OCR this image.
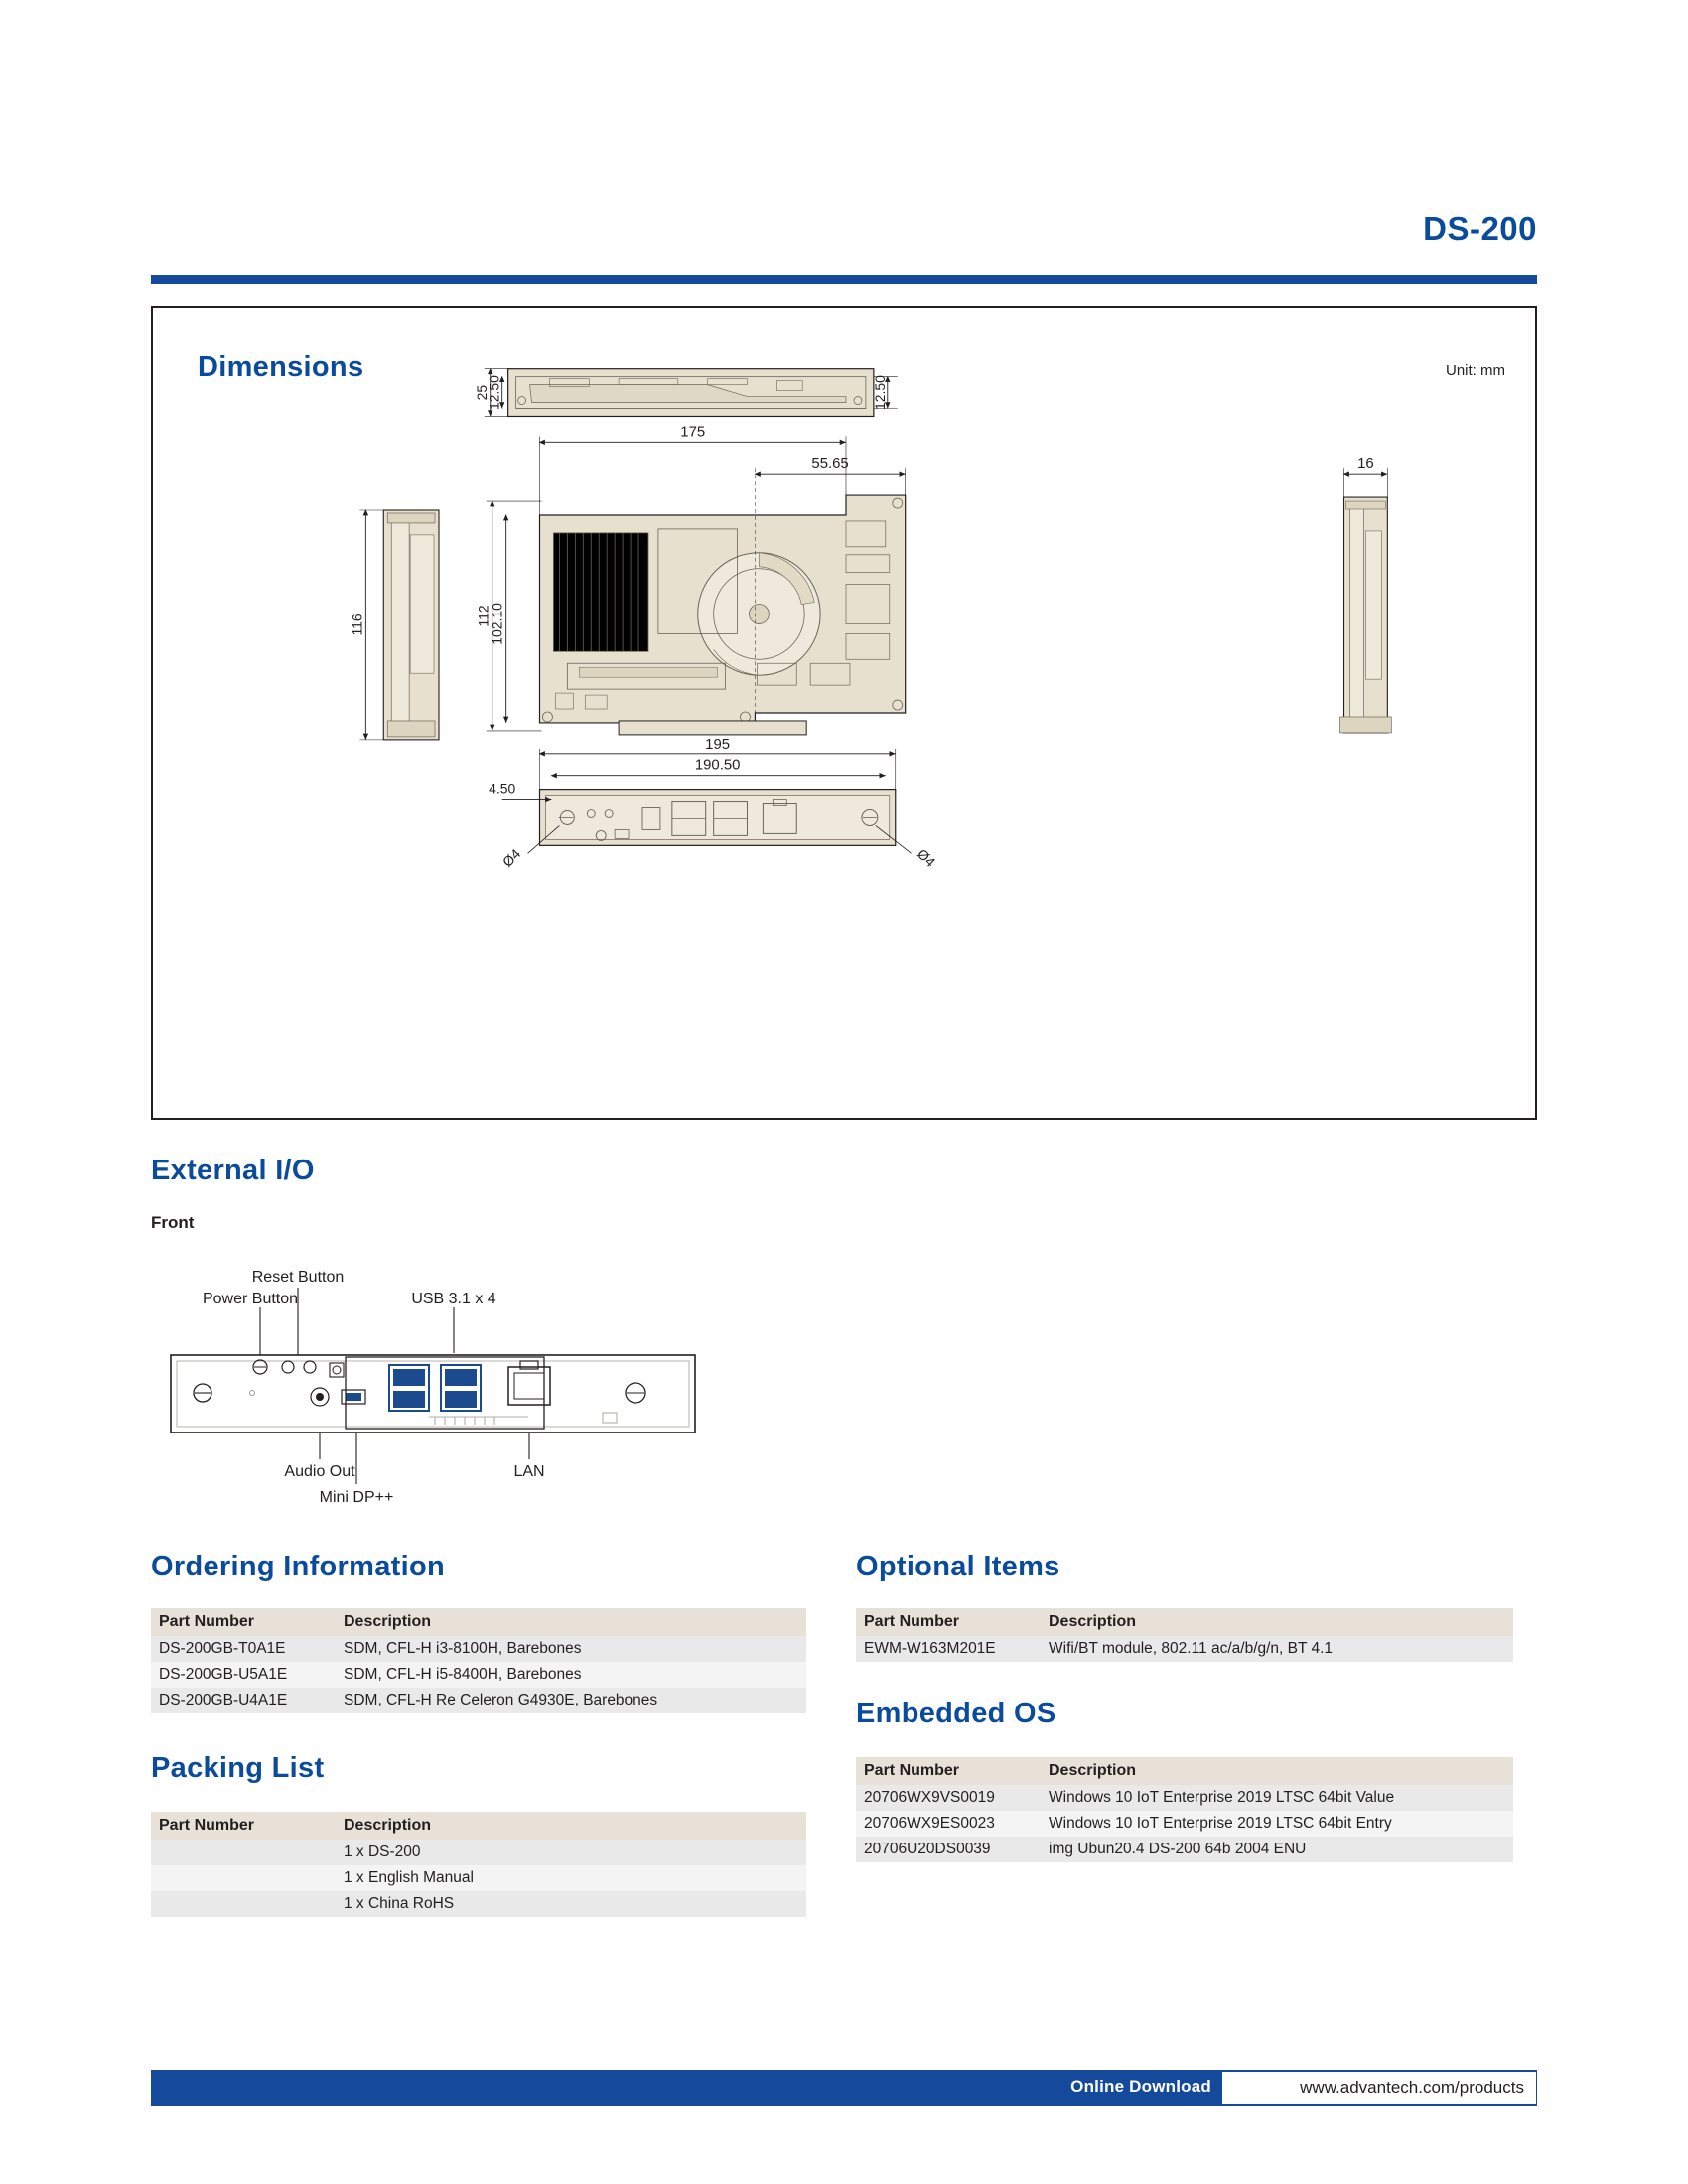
DS-200
Dimensions	Unit: mm
25
12.50	12.50
116
175
55.65
112
102.10
16
195
190.50
4.50
Ø4	Ø4
External I/O
Front
Reset Button
Power Button	USB 3.1 x 4
Audio Out
Mini DP++
LAN
Ordering Information
Part Number	Description
DS-200GB-T0A1E	SDM, CFL-H i3-8100H, Barebones
DS-200GB-U5A1E	SDM, CFL-H i5-8400H, Barebones
DS-200GB-U4A1E	SDM, CFL-H Re Celeron G4930E, Barebones
Packing List
Part Number	Description
	1 x DS-200
	1 x English Manual
	1 x China RoHS
Optional Items
Part Number	Description
EWM-W163M201E	Wifi/BT module, 802.11 ac/a/b/g/n, BT 4.1
Embedded OS
Part Number	Description
20706WX9VS0019	Windows 10 IoT Enterprise 2019 LTSC 64bit Value
20706WX9ES0023	Windows 10 IoT Enterprise 2019 LTSC 64bit Entry
20706U20DS0039	img Ubun20.4 DS-200 64b 2004 ENU
Online Download	www.advantech.com/products
